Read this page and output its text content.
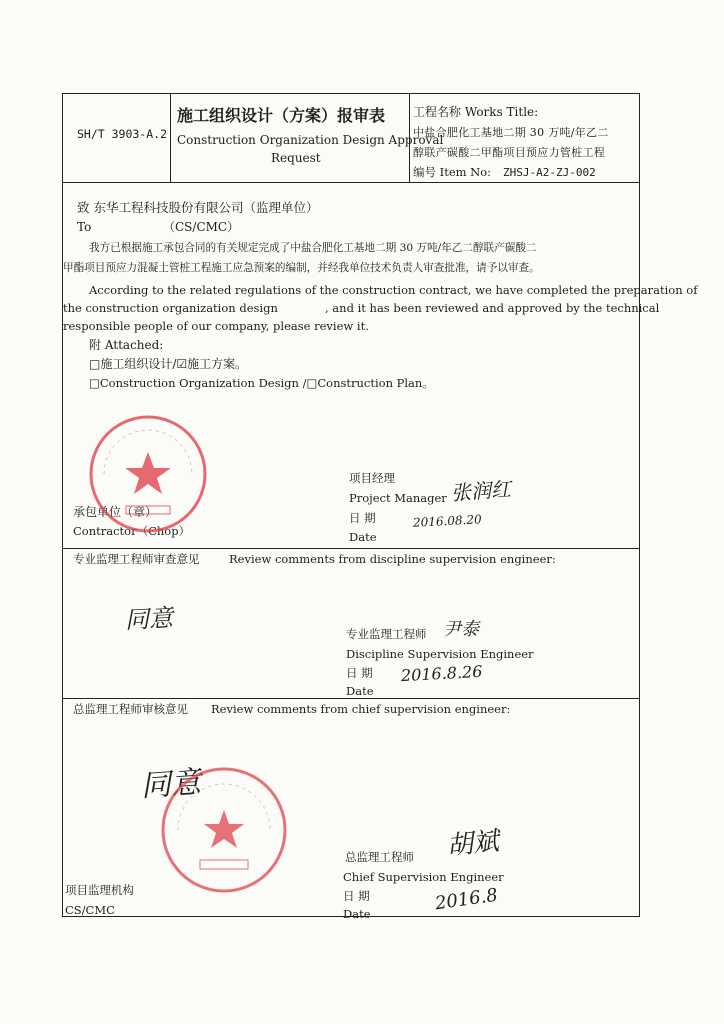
SH/T 3903-A.2
施工组织设计（方案）报审表
Construction Organization Design Approval
Request
工程名称 Works Title:
中盐合肥化工基地二期 30 万吨/年乙二
醇联产碳酸二甲酯项目预应力管桩工程
编号 Item No: ZHSJ-A2-ZJ-002
致 东华工程科技股份有限公司（监理单位）
To	（CS/CMC）
我方已根据施工承包合同的有关规定完成了中盐合肥化工基地二期 30 万吨/年乙二醇联产碳酸二
甲酯项目预应力混凝土管桩工程施工应急预案的编制，并经我单位技术负责人审查批准，请予以审查。
According to the related regulations of the construction contract, we have completed the preparation of
the construction organization design	, and it has been reviewed and approved by the technical
responsible people of our company, please review it.
附 Attached:
□施工组织设计/☑施工方案。
□Construction Organization Design /□Construction Plan。
项目经理
Project Manager 张润红
日 期	2016.08.20
Date
承包单位（章）
Contractor（Chop）
专业监理工程师审查意见	Review comments from discipline supervision engineer:
同意	专业监理工程师 尹泰
Discipline Supervision Engineer
日 期 2016.8.26
Date
总监理工程师审核意见 Review comments from chief supervision engineer:
同意
总监理工程师 胡斌
Chief Supervision Engineer
日 期	2016.8
Date
项目监理机构
CS/CMC
